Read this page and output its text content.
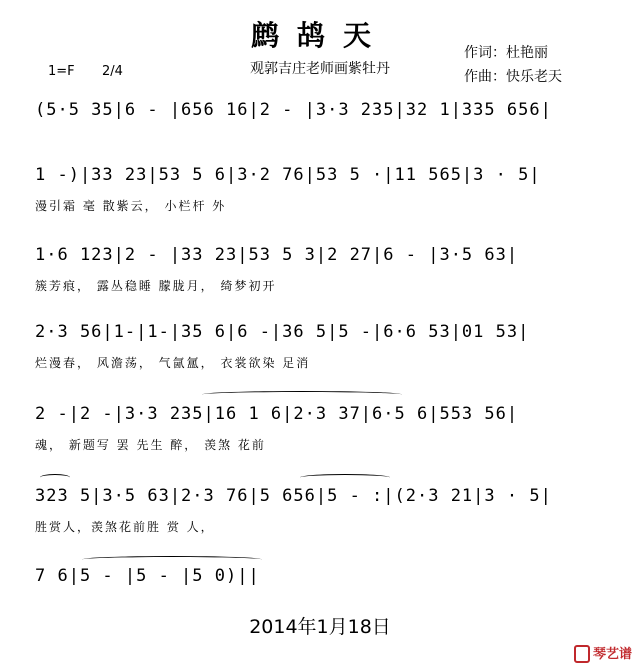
鹧鸪天
观郭吉庄老师画紫牡丹
1=F 2/4
作词：杜艳丽
作曲：快乐老天
(5·5 35|6 - |656 16|2 - |3·3 235|32 1|335 656|
1 -)|33 23|53 5 6|3·2 76|53 5 ·|11 565|3 · 5|
漫引霜 毫 散紫云， 小栏杆 外
1·6 123|2 - |33 23|53 5 3|2 27|6 - |3·5 63|
簇芳痕， 露丛稳睡 朦胧月， 绮梦初开
2·3 56|1-|1-|35 6|6 -|36 5|5 -|6·6 53|01 53|
烂漫春， 风澹荡， 气氤氲， 衣裳欲染 足消
2 -|2 -|3·3 235|16 1 6|2·3 37|6·5 6|553 56|
魂， 新题写 罢 先生 醉， 羡煞 花前
323 5|3·5 63|2·3 76|5 656|5 - :|(2·3 21|3 · 5|
胜赏人，羡煞花前胜 赏 人，
7 6|5 - |5 - |5 0)||
2014年1月18日
琴艺谱
